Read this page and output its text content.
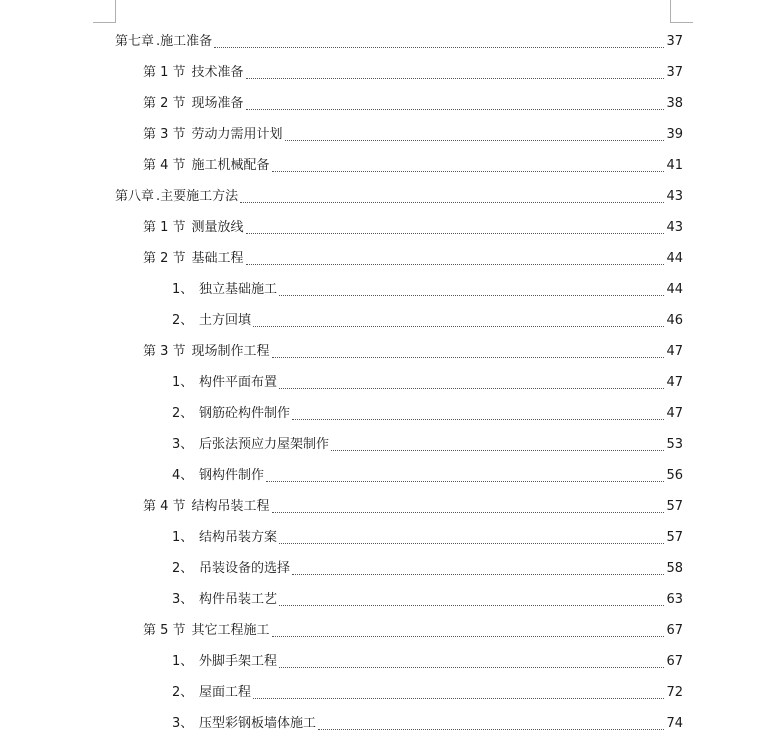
第七章 .施工准备	37
第 1 节 技术准备	37
第 2 节 现场准备	38
第 3 节 劳动力需用计划	39
第 4 节 施工机械配备	41
第八章 .主要施工方法	43
第 1 节 测量放线	43
第 2 节 基础工程	44
1、 独立基础施工	44
2、 土方回填	46
第 3 节 现场制作工程	47
1、 构件平面布置	47
2、 钢筋砼构件制作	47
3、 后张法预应力屋架制作	53
4、 钢构件制作	56
第 4 节 结构吊装工程	57
1、 结构吊装方案	57
2、 吊装设备的选择	58
3、 构件吊装工艺	63
第 5 节 其它工程施工	67
1、 外脚手架工程	67
2、 屋面工程	72
3、 压型彩钢板墙体施工	74
